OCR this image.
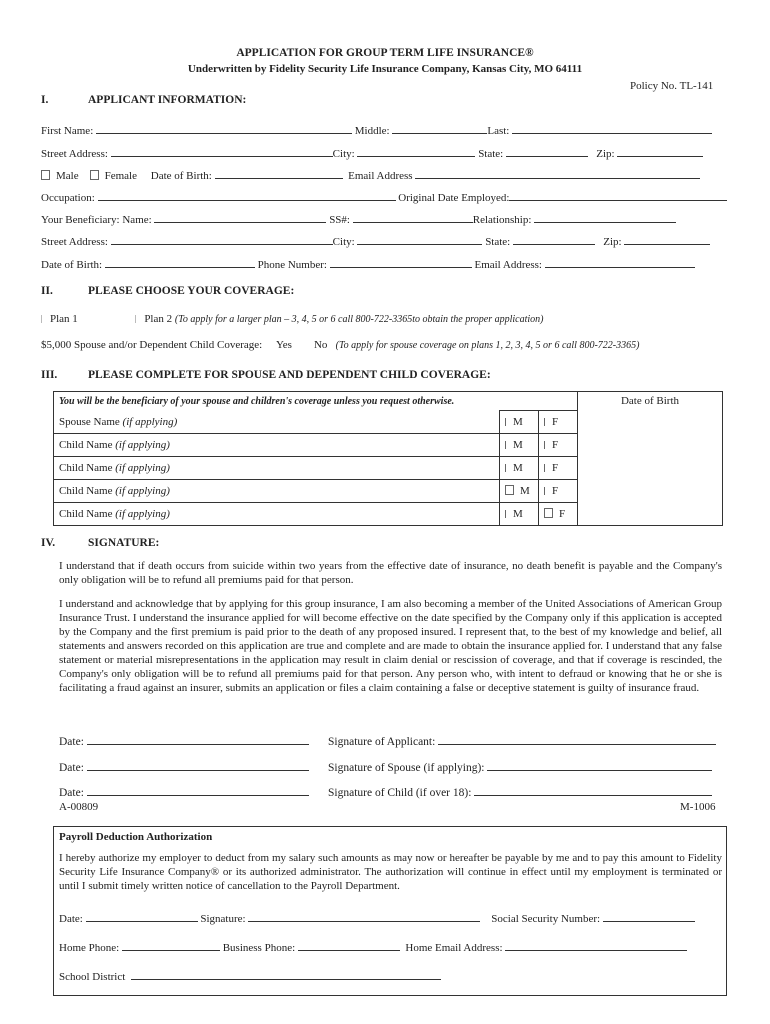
APPLICATION FOR GROUP TERM LIFE INSURANCE®
Underwritten by Fidelity Security Life Insurance Company, Kansas City, MO 64111
Policy No. TL-141
I.	APPLICANT INFORMATION:
First Name:	Middle:	Last:
Street Address:	City:	State:	Zip:
Male Female Date of Birth:	Email Address
Occupation:	Original Date Employed:
Your Beneficiary: Name:	SS#:	Relationship:
Street Address:	City:	State:	Zip:
Date of Birth:	Phone Number:	Email Address:
II.	PLEASE CHOOSE YOUR COVERAGE:
Plan 1	Plan 2 (To apply for a larger plan – 3, 4, 5 or 6 call 800-722-3365to obtain the proper application)
$5,000 Spouse and/or Dependent Child Coverage: Yes No (To apply for spouse coverage on plans 1, 2, 3, 4, 5 or 6 call 800-722-3365)
III.	PLEASE COMPLETE FOR SPOUSE AND DEPENDENT CHILD COVERAGE:
You will be the beneficiary of your spouse and children's coverage unless you request otherwise.			Date of Birth
Spouse Name (if applying)	M	F	
Child Name (if applying)	M	F	
Child Name (if applying)	M	F	
Child Name (if applying)	M	F	
Child Name (if applying)	M	F	
IV.	SIGNATURE:
I understand that if death occurs from suicide within two years from the effective date of insurance, no death benefit is payable and the Company's only obligation will be to refund all premiums paid for that person.
I understand and acknowledge that by applying for this group insurance, I am also becoming a member of the United Associations of American Group Insurance Trust. I understand the insurance applied for will become effective on the date specified by the Company only if this application is accepted by the Company and the first premium is paid prior to the death of any proposed insured. I represent that, to the best of my knowledge and belief, all statements and answers recorded on this application are true and complete and are made to obtain the insurance applied for. I understand that any false statement or material misrepresentations in the application may result in claim denial or rescission of coverage, and that if coverage is rescinded, the Company's only obligation will be to refund all premiums paid for that person. Any person who, with intent to defraud or knowing that he or she is facilitating a fraud against an insurer, submits an application or files a claim containing a false or deceptive statement is guilty of insurance fraud.
Date:	Signature of Applicant:
Date:	Signature of Spouse (if applying):
Date:	Signature of Child (if over 18):
A-00809	M-1006
Payroll Deduction Authorization
I hereby authorize my employer to deduct from my salary such amounts as may now or hereafter be payable by me and to pay this amount to Fidelity Security Life Insurance Company® or its authorized administrator. The authorization will continue in effect until my employment is terminated or until I submit timely written notice of cancellation to the Payroll Department.
Date:	Signature:	Social Security Number:
Home Phone:	Business Phone:	Home Email Address:
School District
